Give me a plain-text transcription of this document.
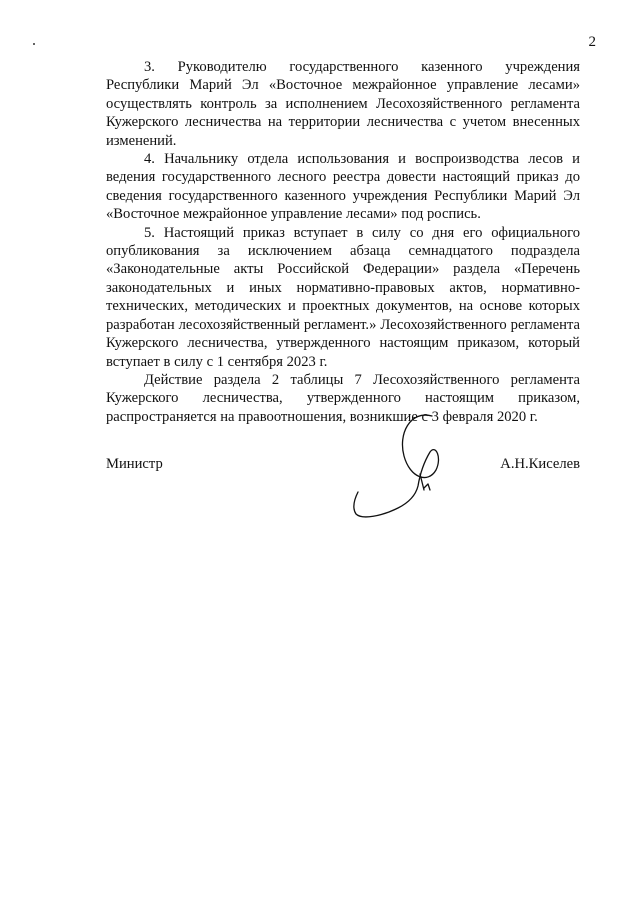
2

3. Руководителю государственного казенного учреждения Республики Марий Эл «Восточное межрайонное управление лесами» осуществлять контроль за исполнением Лесохозяйственного регламента Кужерского лесничества на территории лесничества с учетом внесенных изменений.

4. Начальнику отдела использования и воспроизводства лесов и ведения государственного лесного реестра довести настоящий приказ до сведения государственного казенного учреждения Республики Марий Эл «Восточное межрайонное управление лесами» под роспись.

5. Настоящий приказ вступает в силу со дня его официального опубликования за исключением абзаца семнадцатого подраздела «Законодательные акты Российской Федерации» раздела «Перечень законодательных и иных нормативно-правовых актов, нормативно-технических, методических и проектных документов, на основе которых разработан лесохозяйственный регламент.» Лесохозяйственного регламента Кужерского лесничества, утвержденного настоящим приказом, который вступает в силу с 1 сентября 2023 г.

Действие раздела 2 таблицы 7 Лесохозяйственного регламента Кужерского лесничества, утвержденного настоящим приказом, распространяется на правоотношения, возникшие с 3 февраля 2020 г.

Министр	А.Н.Киселев
